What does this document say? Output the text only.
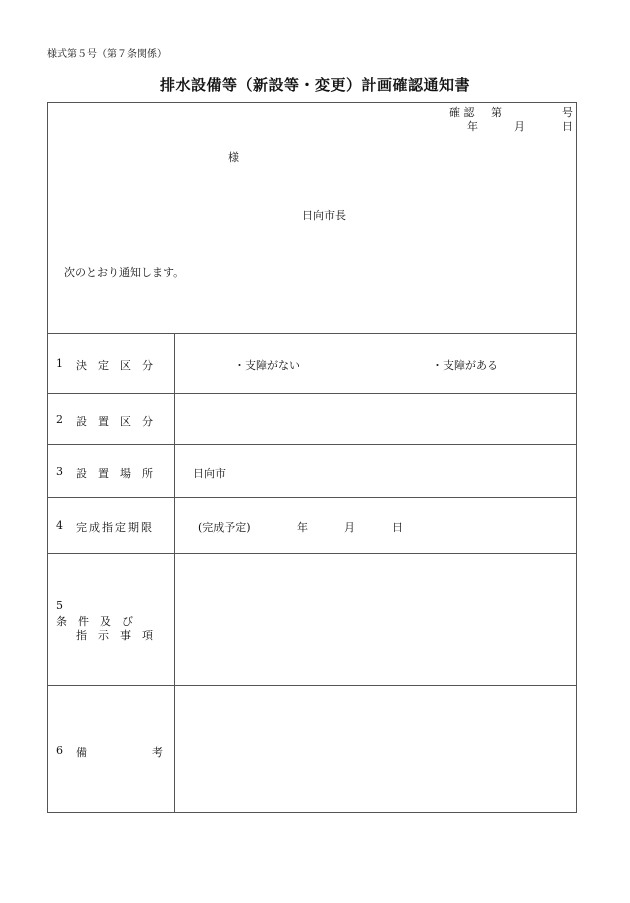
様式第５号（第７条関係）
排水設備等（新設等・変更）計画確認通知書
確 認 第	号
年	月	日
様
日向市長
次のとおり通知します。
1 決　定　区　分	・支障がない	・支障がある
2 設　置　区　分
3 設　置　場　所	日向市
4 完成指定期限	(完成予定)	年	月	日
5
条　件　及　び
指　示　事　項
6 備	考
